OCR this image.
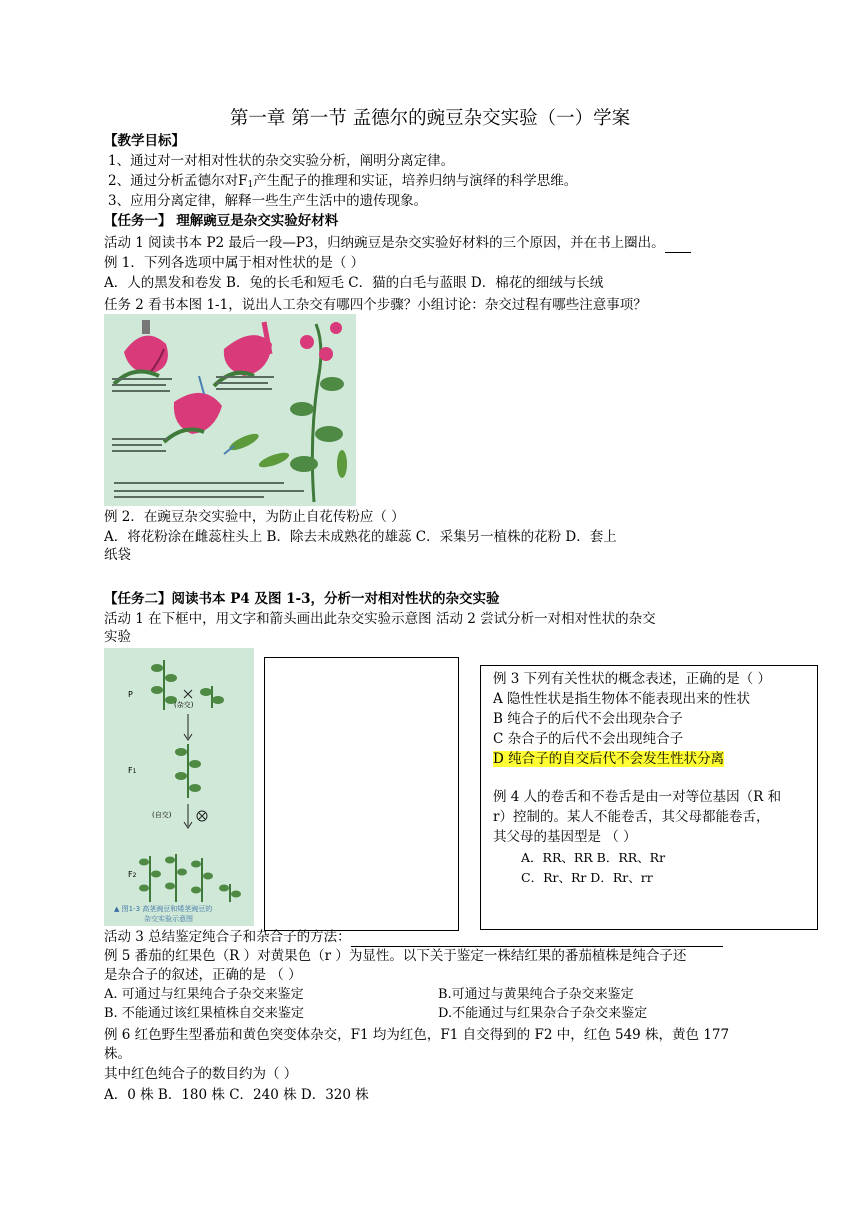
第一章 第一节 孟德尔的豌豆杂交实验（一）学案
【教学目标】
1、通过对一对相对性状的杂交实验分析，阐明分离定律。
2、通过分析孟德尔对$F_1$产生配子的推理和实证，培养归纳与演绎的科学思维。
3、应用分离定律，解释一些生产生活中的遗传现象。
【任务一】 理解豌豆是杂交实验好材料
活动 1 阅读书本 P2 最后一段—P3，归纳豌豆是杂交实验好材料的三个原因，并在书上圈出。
例 1．下列各选项中属于相对性状的是（ ）
A．人的黑发和卷发 B．兔的长毛和短毛 C．猫的白毛与蓝眼 D．棉花的细绒与长绒
任务 2 看书本图 1-1，说出人工杂交有哪四个步骤？小组讨论：杂交过程有哪些注意事项？
例 2．在豌豆杂交实验中，为防止自花传粉应（ ）
A．将花粉涂在雌蕊柱头上 B．除去未成熟花的雄蕊 C．采集另一植株的花粉 D．套上
纸袋
【任务二】阅读书本 P4 及图 1-3，分析一对相对性状的杂交实验
活动 1 在下框中，用文字和箭头画出此杂交实验示意图 活动 2 尝试分析一对相对性状的杂交
实验
P
(杂交)
F1
(自交)
F2
▲ 图1-3 高茎豌豆和矮茎豌豆的
杂交实验示意图
例 3 下列有关性状的概念表述，正确的是（ ）
A 隐性性状是指生物体不能表现出来的性状
B 纯合子的后代不会出现杂合子
C 杂合子的后代不会出现纯合子
D 纯合子的自交后代不会发生性状分离
例 4 人的卷舌和不卷舌是由一对等位基因（R 和
r）控制的。某人不能卷舌，其父母都能卷舌，
其父母的基因型是 （ ）
A．RR、RR B．RR、Rr
C．Rr、Rr D．Rr、rr
活动 3 总结鉴定纯合子和杂合子的方法：
例 5 番茄的红果色（R ）对黄果色（r ）为显性。以下关于鉴定一株结红果的番茄植株是纯合子还
是杂合子的叙述，正确的是 （ ）
A. 可通过与红果纯合子杂交来鉴定	B.可通过与黄果纯合子杂交来鉴定
B. 不能通过该红果植株自交来鉴定	D.不能通过与红果杂合子杂交来鉴定
例 6 红色野生型番茄和黄色突变体杂交，F1 均为红色，F1 自交得到的 F2 中，红色 549 株，黄色 177
株。
其中红色纯合子的数目约为（ ）
A．0 株 B．180 株 C．240 株 D．320 株
